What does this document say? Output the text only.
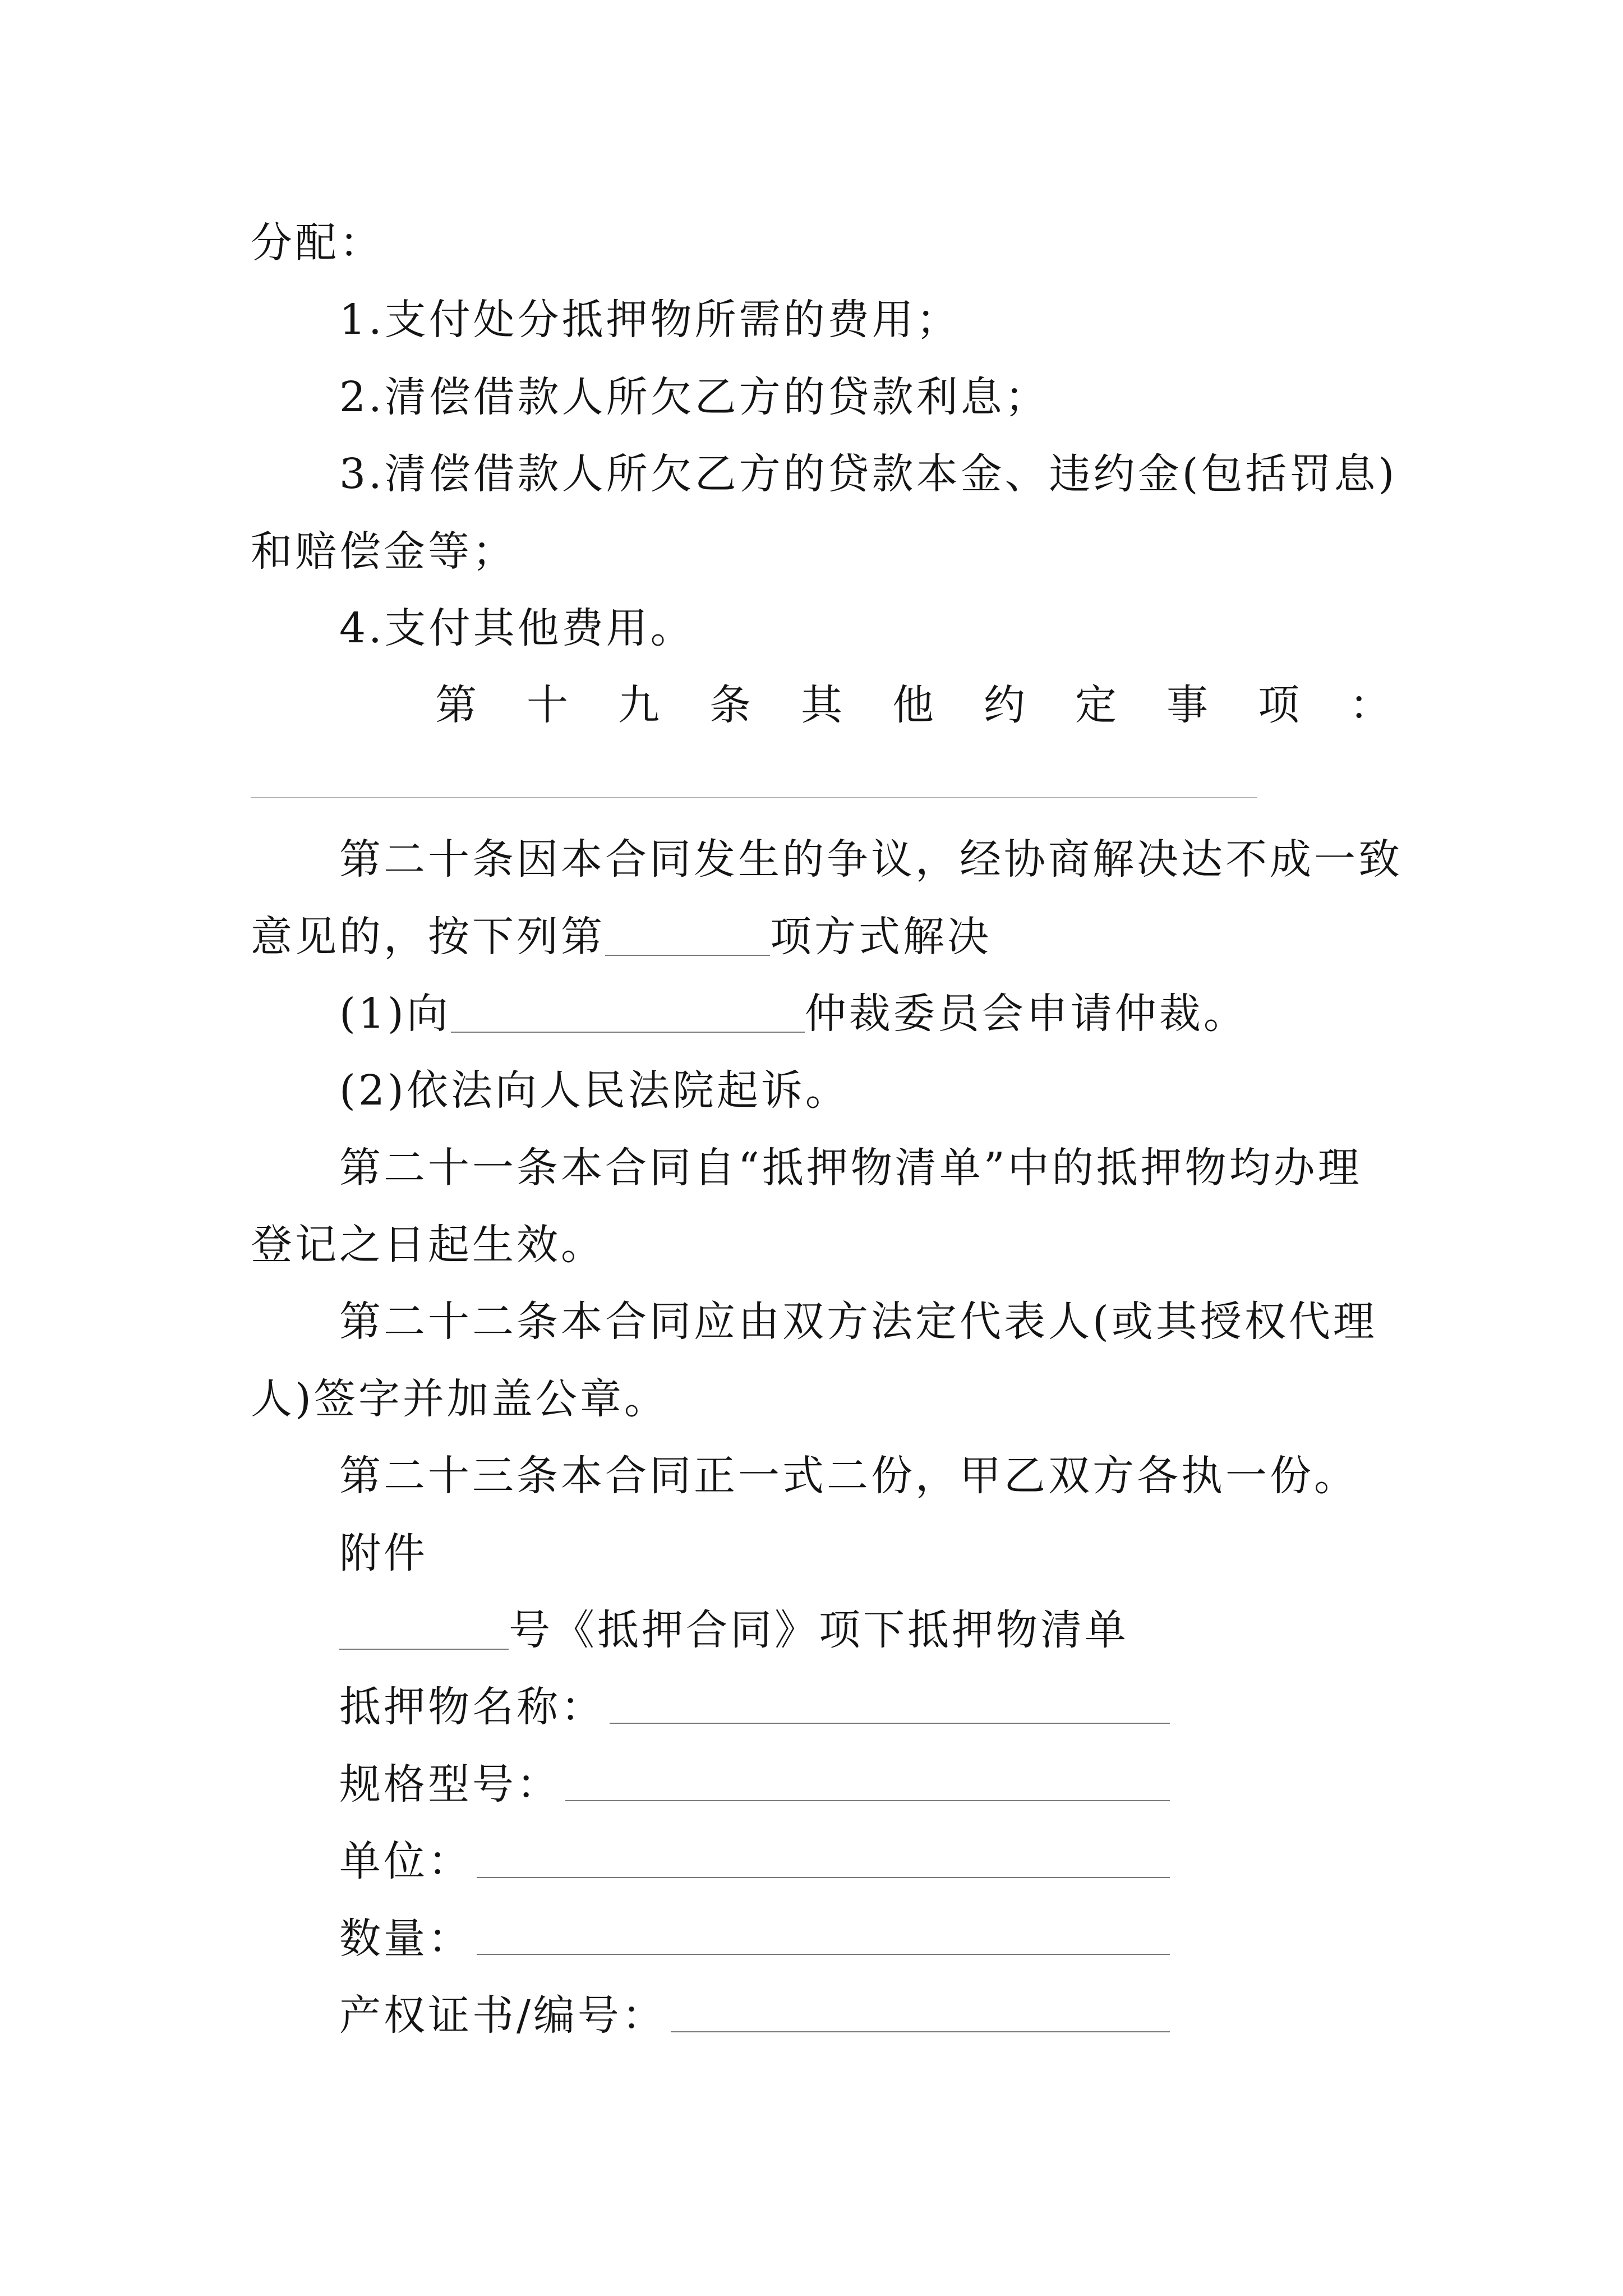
分配：
1.支付处分抵押物所需的费用；
2.清偿借款人所欠乙方的贷款利息；
3.清偿借款人所欠乙方的贷款本金、违约金(包括罚息)
和赔偿金等；
4.支付其他费用。
第十九条其他约定事项：
第二十条因本合同发生的争议，经协商解决达不成一致
意见的，按下列第	项方式解决
(1)向	仲裁委员会申请仲裁。
(2)依法向人民法院起诉。
第二十一条本合同自“抵押物清单”中的抵押物均办理
登记之日起生效。
第二十二条本合同应由双方法定代表人(或其授权代理
人)签字并加盖公章。
第二十三条本合同正一式二份，甲乙双方各执一份。
附件
号《抵押合同》项下抵押物清单
抵押物名称：
规格型号：
单位：
数量：
产权证书/编号：
